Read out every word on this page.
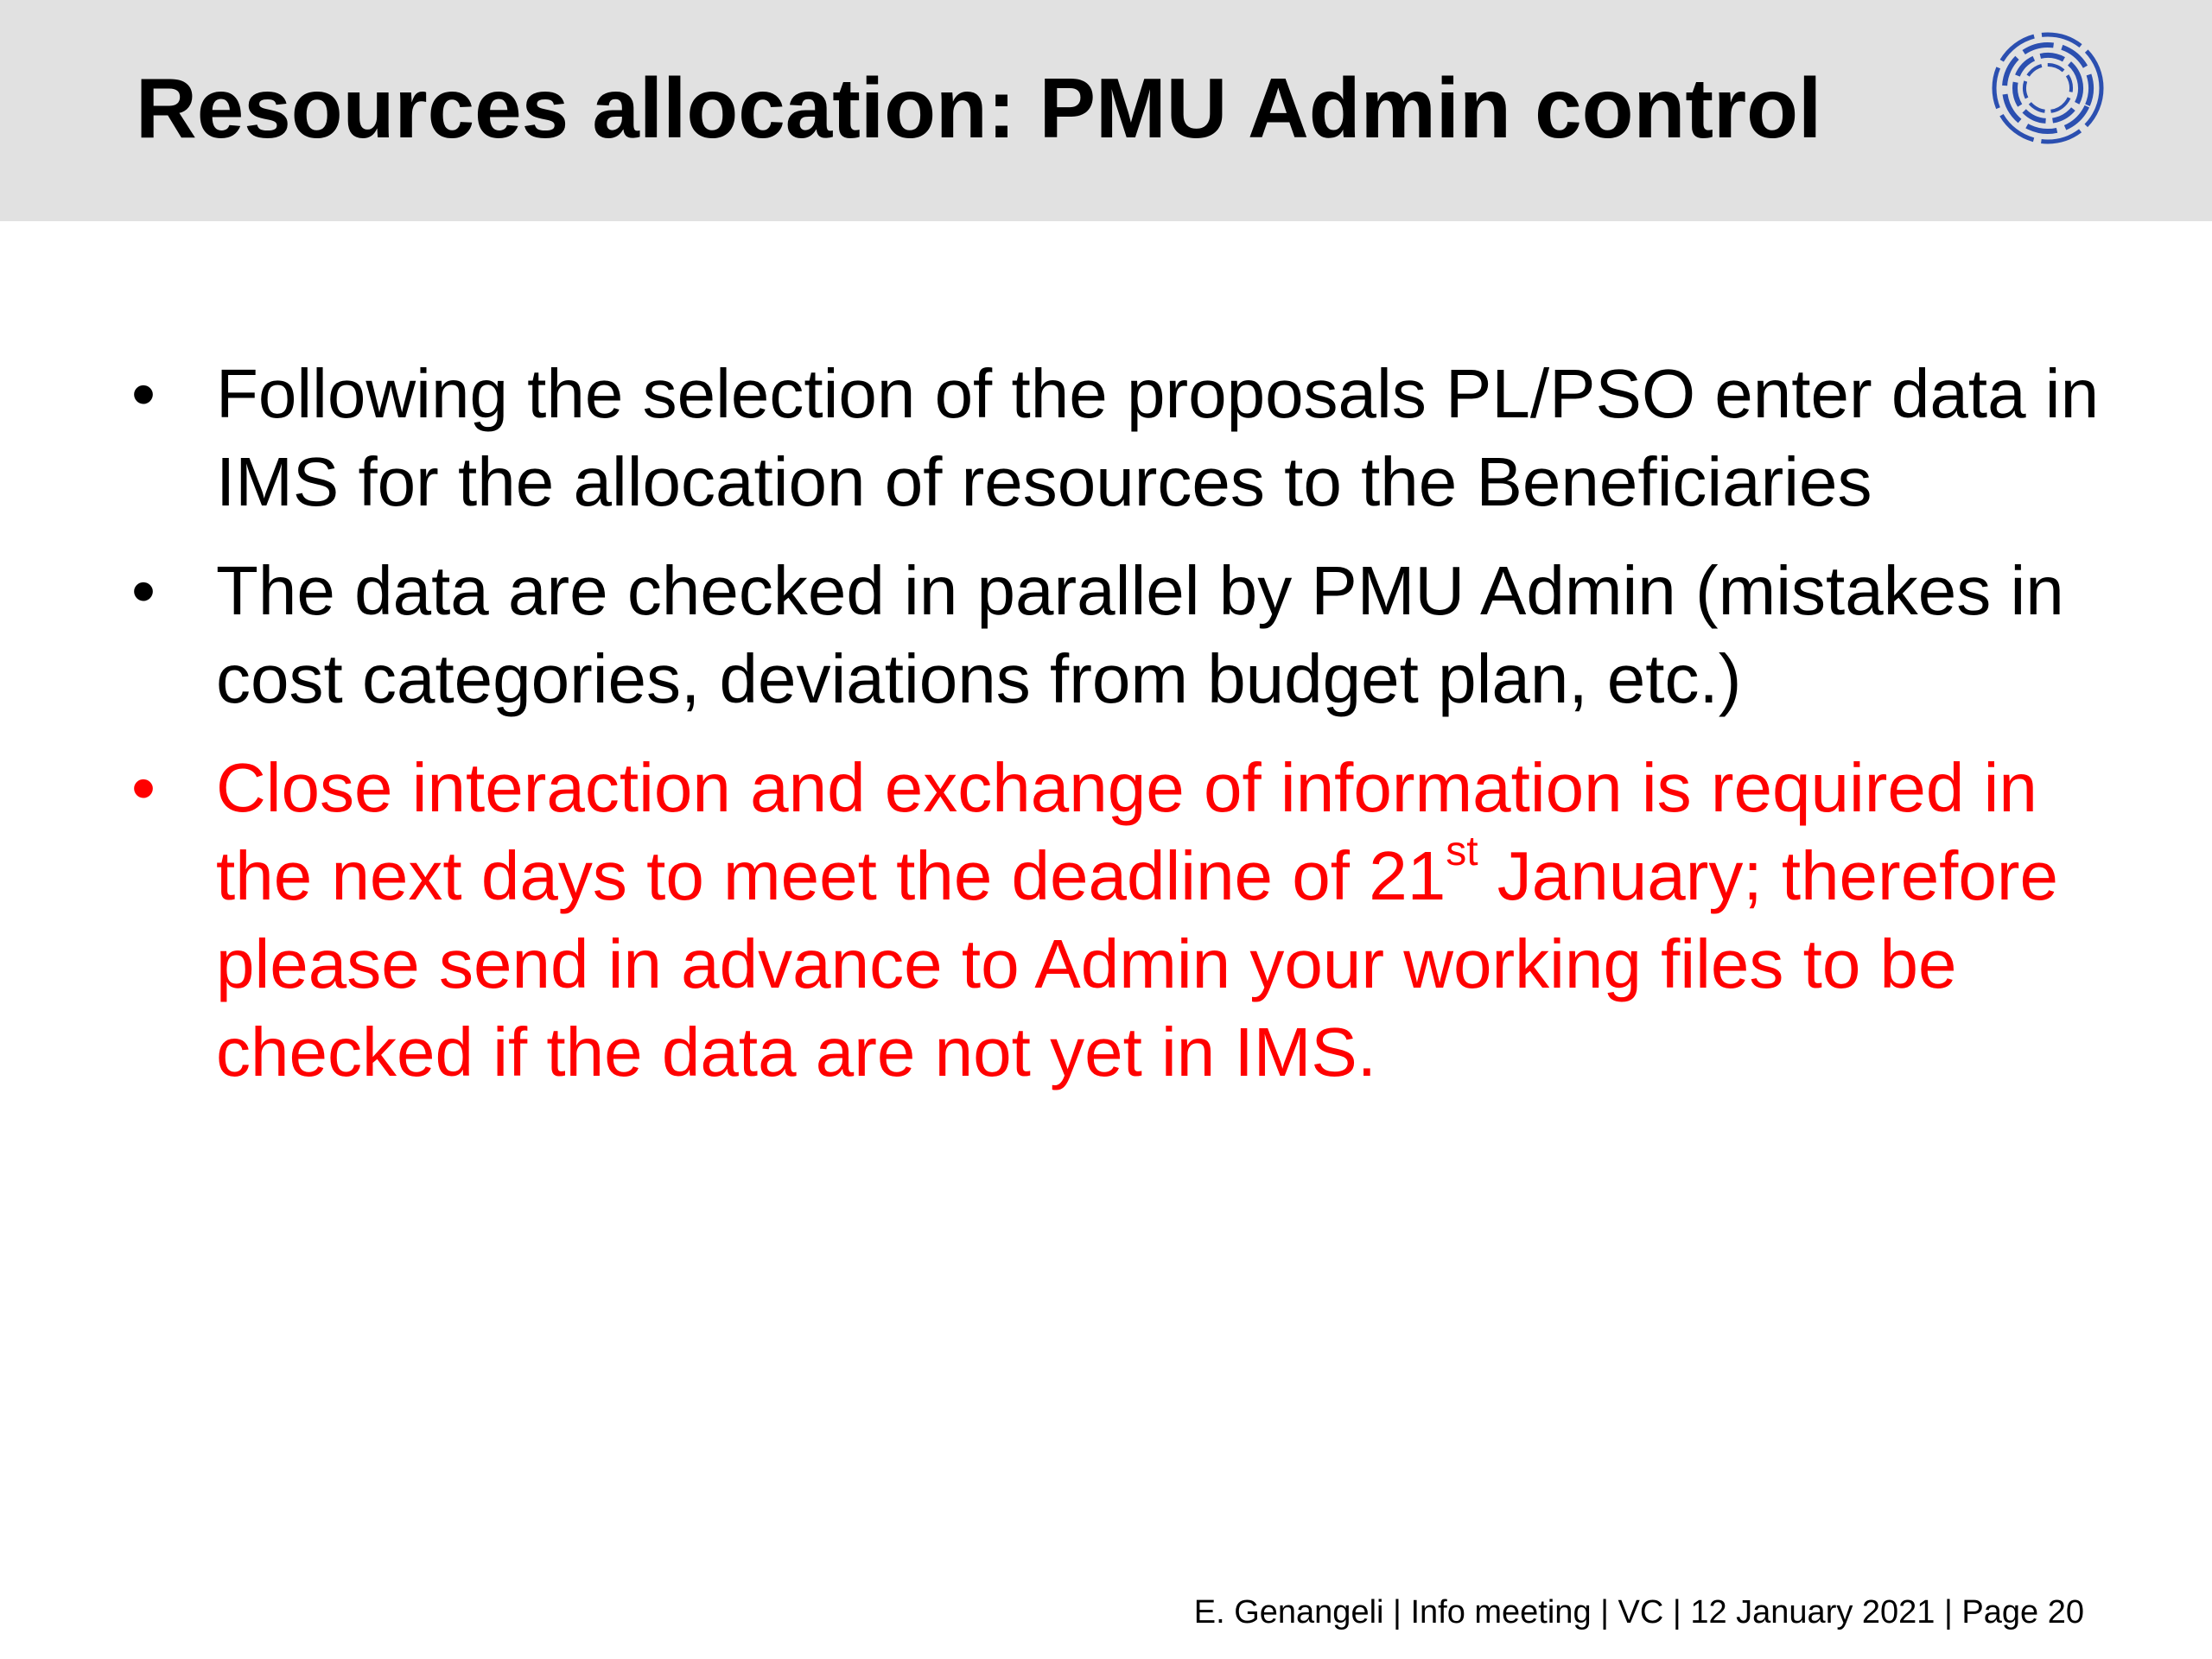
Resources allocation: PMU Admin control
• Following the selection of the proposals PL/PSO enter data in IMS for the allocation of resources to the Beneficiaries
• The data are checked in parallel by PMU Admin (mistakes in cost categories, deviations from budget plan, etc.)
• Close interaction and exchange of information is required in the next days to meet the deadline of 21st January; therefore please send in advance to Admin your working files to be checked if the data are not yet in IMS.
E. Genangeli | Info meeting | VC | 12 January 2021 | Page 20
